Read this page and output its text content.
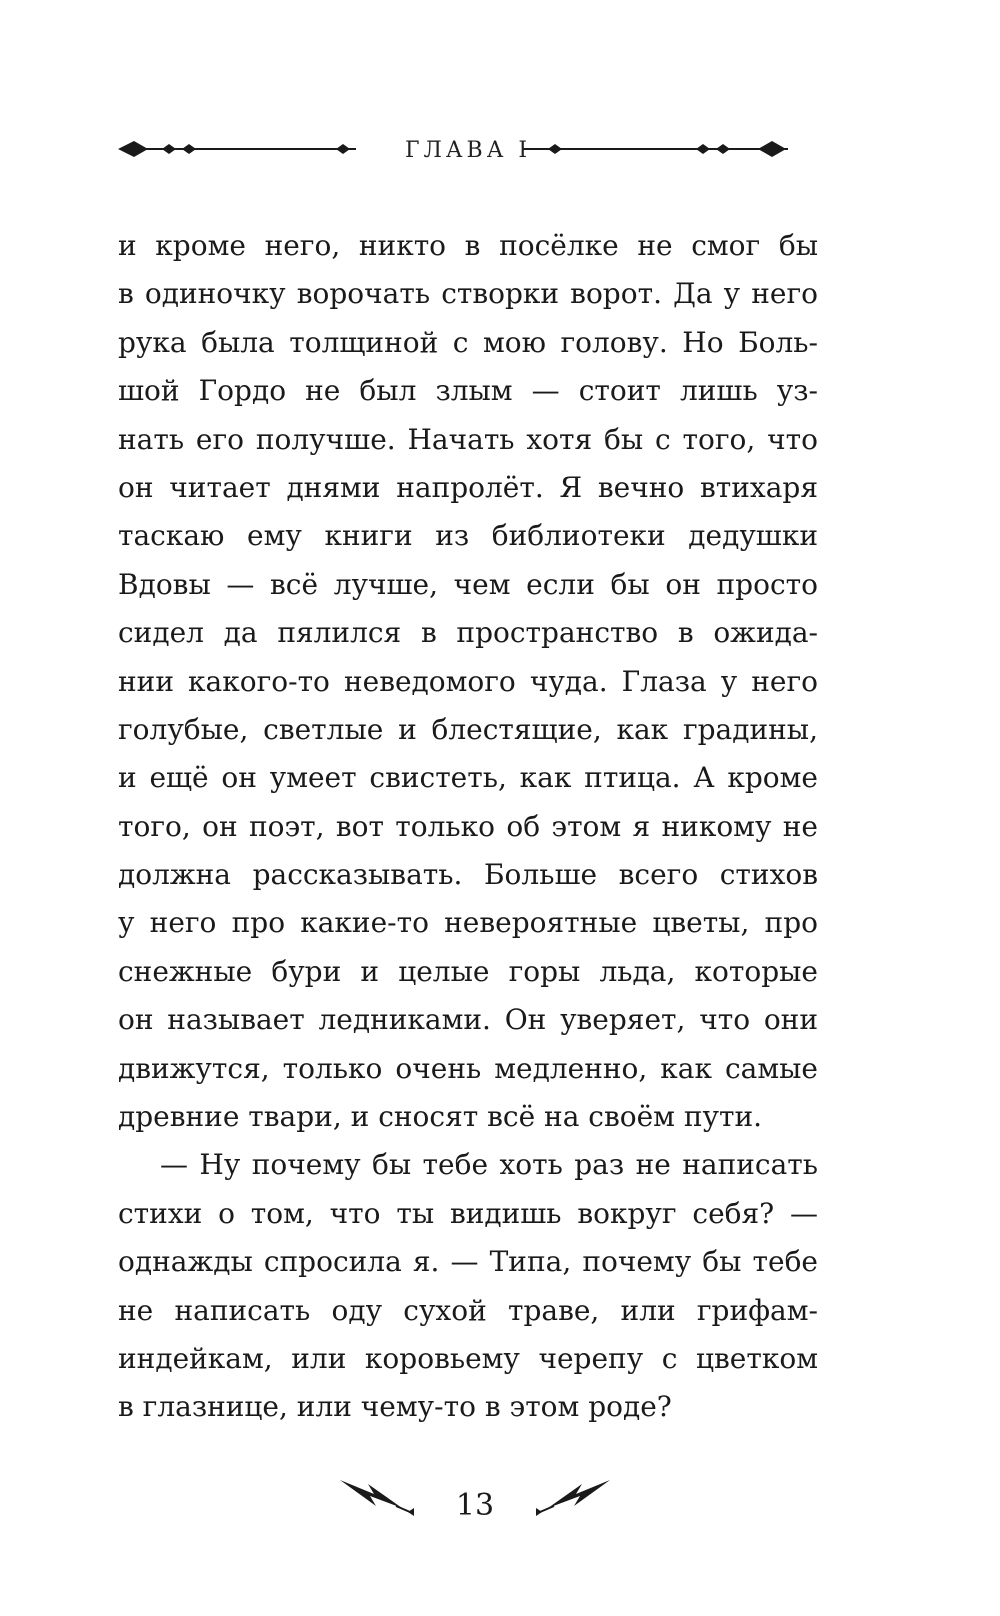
ГЛАВА I
и кроме него, никто в посёлке не смог бы
в одиночку ворочать створки ворот. Да у него
рука была толщиной с мою голову. Но Боль-
шой Гордо не был злым — стоит лишь уз-
нать его получше. Начать хотя бы с того, что
он читает днями напролёт. Я вечно втихаря
таскаю ему книги из библиотеки дедушки
Вдовы — всё лучше, чем если бы он просто
сидел да пялился в пространство в ожида-
нии какого-то неведомого чуда. Глаза у него
голубые, светлые и блестящие, как градины,
и ещё он умеет свистеть, как птица. А кроме
того, он поэт, вот только об этом я никому не
должна рассказывать. Больше всего стихов
у него про какие-то невероятные цветы, про
снежные бури и целые горы льда, которые
он называет ледниками. Он уверяет, что они
движутся, только очень медленно, как самые
древние твари, и сносят всё на своём пути.
— Ну почему бы тебе хоть раз не написать
стихи о том, что ты видишь вокруг себя? —
однажды спросила я. — Типа, почему бы тебе
не написать оду сухой траве, или грифам-
индейкам, или коровьему черепу с цветком
в глазнице, или чему-то в этом роде?
13
